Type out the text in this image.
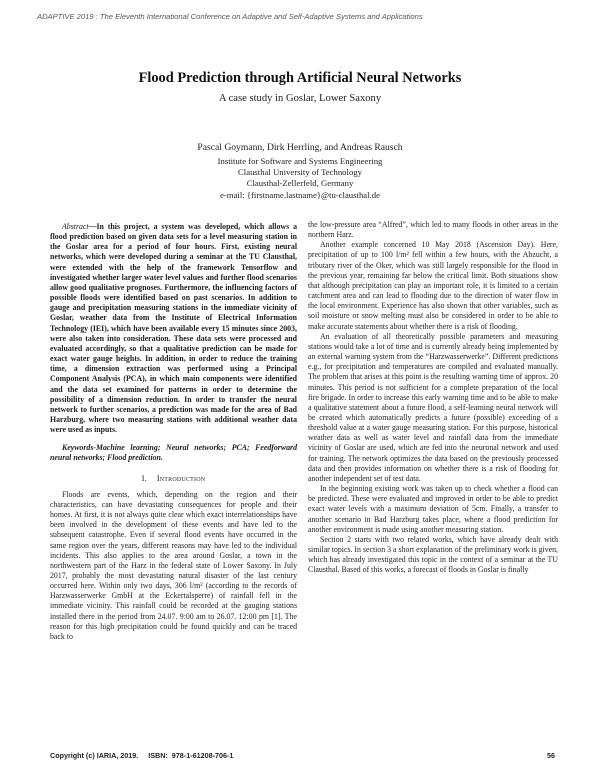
ADAPTIVE 2019 : The Eleventh International Conference on Adaptive and Self-Adaptive Systems and Applications
Flood Prediction through Artificial Neural Networks
A case study in Goslar, Lower Saxony
Pascal Goymann, Dirk Herrling, and Andreas Rausch
Institute for Software and Systems Engineering
Clausthal University of Technology
Clausthal-Zellerfeld, Germany
e-mail: {firstname.lastname}@tu-clausthal.de

Abstract—In this project, a system was developed, which allows a flood prediction based on given data sets for a level measuring station in the Goslar area for a period of four hours. First, existing neural networks, which were developed during a seminar at the TU Clausthal, were extended with the help of the framework Tensorflow and investigated whether larger water level values and further flood scenarios allow good qualitative prognoses. Furthermore, the influencing factors of possible floods were identified based on past scenarios. In addition to gauge and precipitation measuring stations in the immediate vicinity of Goslar, weather data from the Institute of Electrical Information Technology (IEI), which have been available every 15 minutes since 2003, were also taken into consideration. These data sets were processed and evaluated accordingly, so that a qualitative prediction can be made for exact water gauge heights. In addition, in order to reduce the training time, a dimension extraction was performed using a Principal Component Analysis (PCA), in which main components were identified and the data set examined for patterns in order to determine the possibility of a dimension reduction. In order to transfer the neural network to further scenarios, a prediction was made for the area of Bad Harzburg, where two measuring stations with additional weather data were used as inputs.

Keywords-Machine learning; Neural networks; PCA; Feedforward neural networks; Flood prediction.

I. Introduction

Floods are events, which, depending on the region and their characteristics, can have devastating consequences for people and their homes. At first, it is not always quite clear which exact interrelationships have been involved in the development of these events and have led to the subsequent catastrophe. Even if several flood events have occurred in the same region over the years, different reasons may have led to the individual incidents. This also applies to the area around Goslar, a town in the northwestern part of the Harz in the federal state of Lower Saxony. In July 2017, probably the most devastating natural disaster of the last century occurred here. Within only two days, 306 l/m² (according to the records of Harzwasserwerke GmbH at the Eckertalsperre) of rainfall fell in the immediate vicinity. This rainfall could be recorded at the gauging stations installed there in the period from 24.07. 9:00 am to 26.07. 12:00 pm [1]. The reason for this high precipitation could be found quickly and can be traced back to

the low-pressure area “Alfred”, which led to many floods in other areas in the northern Harz.

Another example concerned 10 May 2018 (Ascension Day). Here, precipitation of up to 100 l/m² fell within a few hours, with the Abzucht, a tributary river of the Oker, which was still largely responsible for the flood in the previous year, remaining far below the critical limit. Both situations show that although precipitation can play an important role, it is limited to a certain catchment area and can lead to flooding due to the direction of water flow in the local environment. Experience has also shown that other variables, such as soil moisture or snow melting must also be considered in order to be able to make accurate statements about whether there is a risk of flooding.

An evaluation of all theoretically possible parameters and measuring stations would take a lot of time and is currently already being implemented by an external warning system from the “Harzwasserwerke”. Different predictions e.g., for precipitation and temperatures are compiled and evaluated manually. The problem that arises at this point is the resulting warning time of approx. 20 minutes. This period is not sufficient for a complete preparation of the local fire brigade. In order to increase this early warning time and to be able to make a qualitative statement about a future flood, a self-learning neural network will be created which automatically predicts a future (possible) exceeding of a threshold value at a water gauge measuring station. For this purpose, historical weather data as well as water level and rainfall data from the immediate vicinity of Goslar are used, which are fed into the neuronal network and used for training. The network optimizes the data based on the previously processed data and then provides information on whether there is a risk of flooding for another independent set of test data.

In the beginning existing work was taken up to check whether a flood can be predicted. These were evaluated and improved in order to be able to predict exact water levels with a maximum deviation of 5cm. Finally, a transfer to another scenario in Bad Harzburg takes place, where a flood prediction for another environment is made using another measuring station.

Section 2 starts with two related works, which have already dealt with similar topics. In section 3 a short explanation of the preliminary work is given, which has already investigated this topic in the context of a seminar at the TU Clausthal. Based of this works, a forecast of floods in Goslar is finally

Copyright (c) IARIA, 2019.     ISBN:  978-1-61208-706-1	56
